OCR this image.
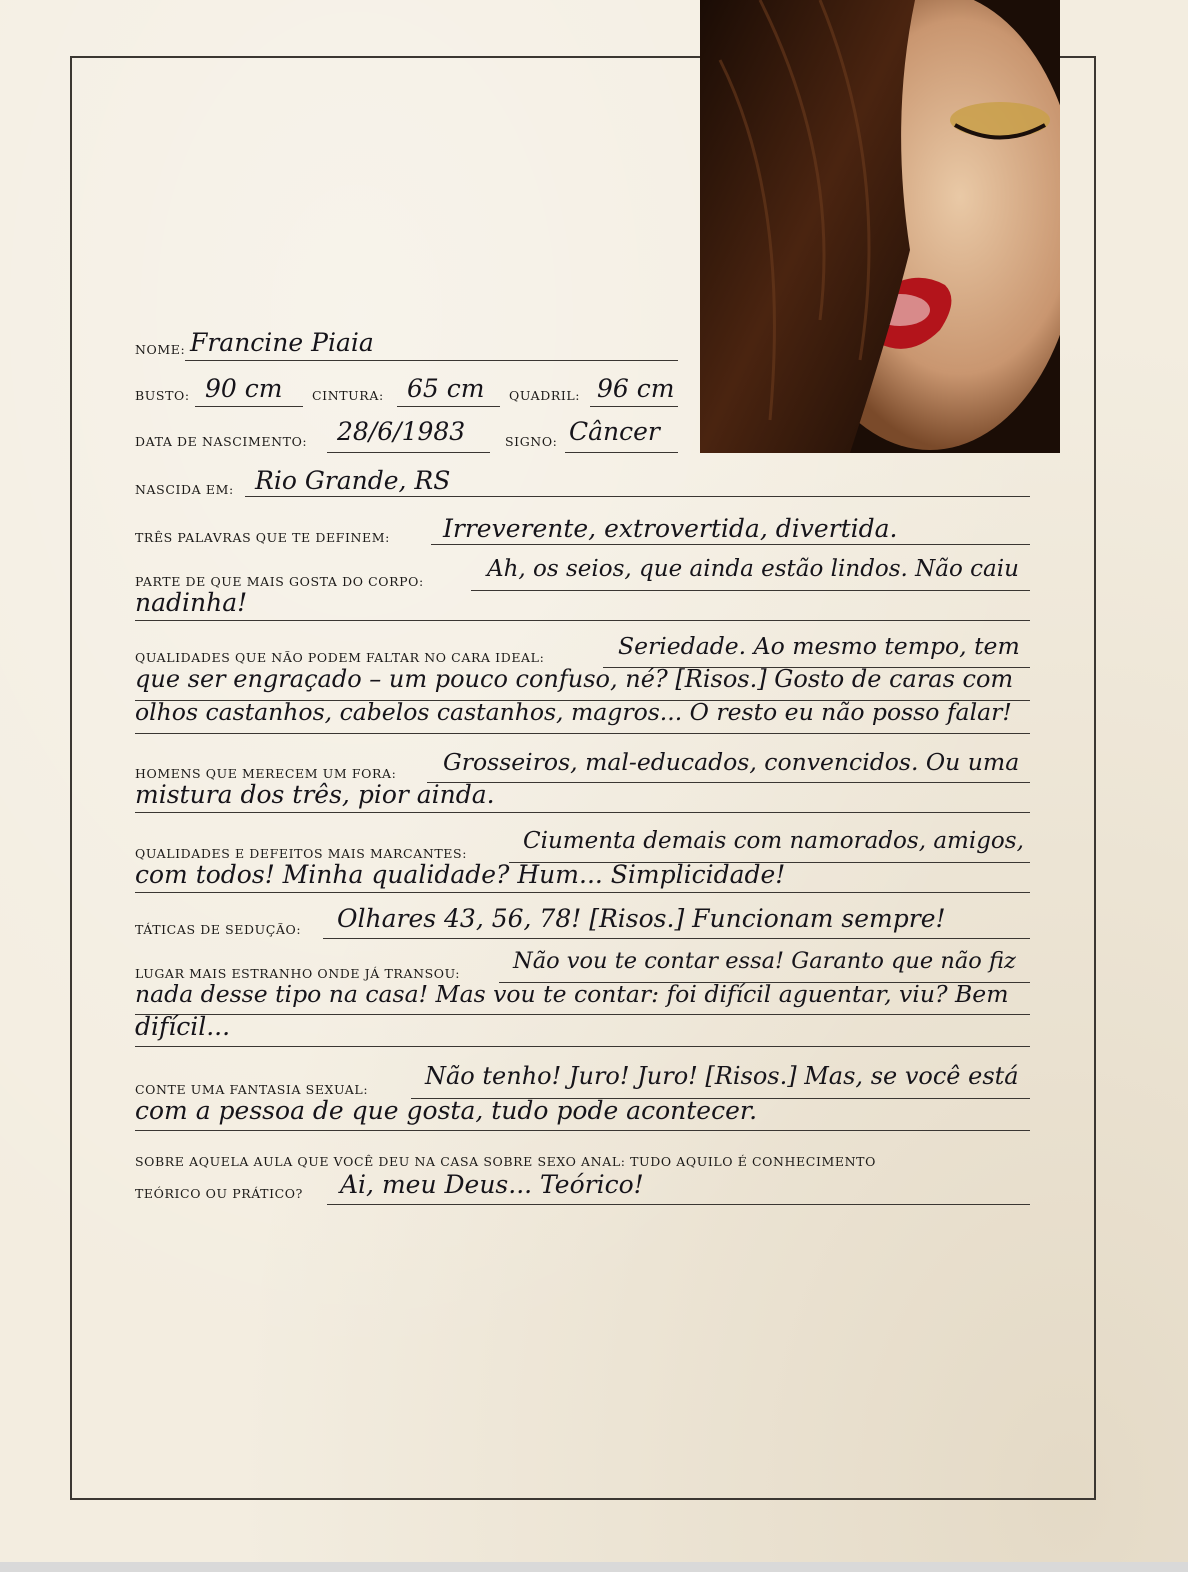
NOME: Francine Piaia
BUSTO: 90 cm CINTURA: 65 cm QUADRIL: 96 cm
DATA DE NASCIMENTO: 28/6/1983	SIGNO: Câncer
NASCIDA EM: Rio Grande, RS
TRÊS PALAVRAS QUE TE DEFINEM: Irreverente, extrovertida, divertida.
PARTE DE QUE MAIS GOSTA DO CORPO:	Ah, os seios, que ainda estão lindos. Não caiu
nadinha!
QUALIDADES QUE NÃO PODEM FALTAR NO CARA IDEAL:	Seriedade. Ao mesmo tempo, tem
que ser engraçado – um pouco confuso, né? [Risos.] Gosto de caras com
olhos castanhos, cabelos castanhos, magros... O resto eu não posso falar!
HOMENS QUE MERECEM UM FORA: Grosseiros, mal-educados, convencidos. Ou uma
mistura dos três, pior ainda.
QUALIDADES E DEFEITOS MAIS MARCANTES: Ciumenta demais com namorados, amigos,
com todos! Minha qualidade? Hum... Simplicidade!
TÁTICAS DE SEDUÇÃO: Olhares 43, 56, 78! [Risos.] Funcionam sempre!
LUGAR MAIS ESTRANHO ONDE JÁ TRANSOU: Não vou te contar essa! Garanto que não fiz
nada desse tipo na casa! Mas vou te contar: foi difícil aguentar, viu? Bem
difícil...
CONTE UMA FANTASIA SEXUAL: Não tenho! Juro! Juro! [Risos.] Mas, se você está
com a pessoa de que gosta, tudo pode acontecer.
SOBRE AQUELA AULA QUE VOCÊ DEU NA CASA SOBRE SEXO ANAL: TUDO AQUILO É CONHECIMENTO
TEÓRICO OU PRÁTICO? Ai, meu Deus... Teórico!
